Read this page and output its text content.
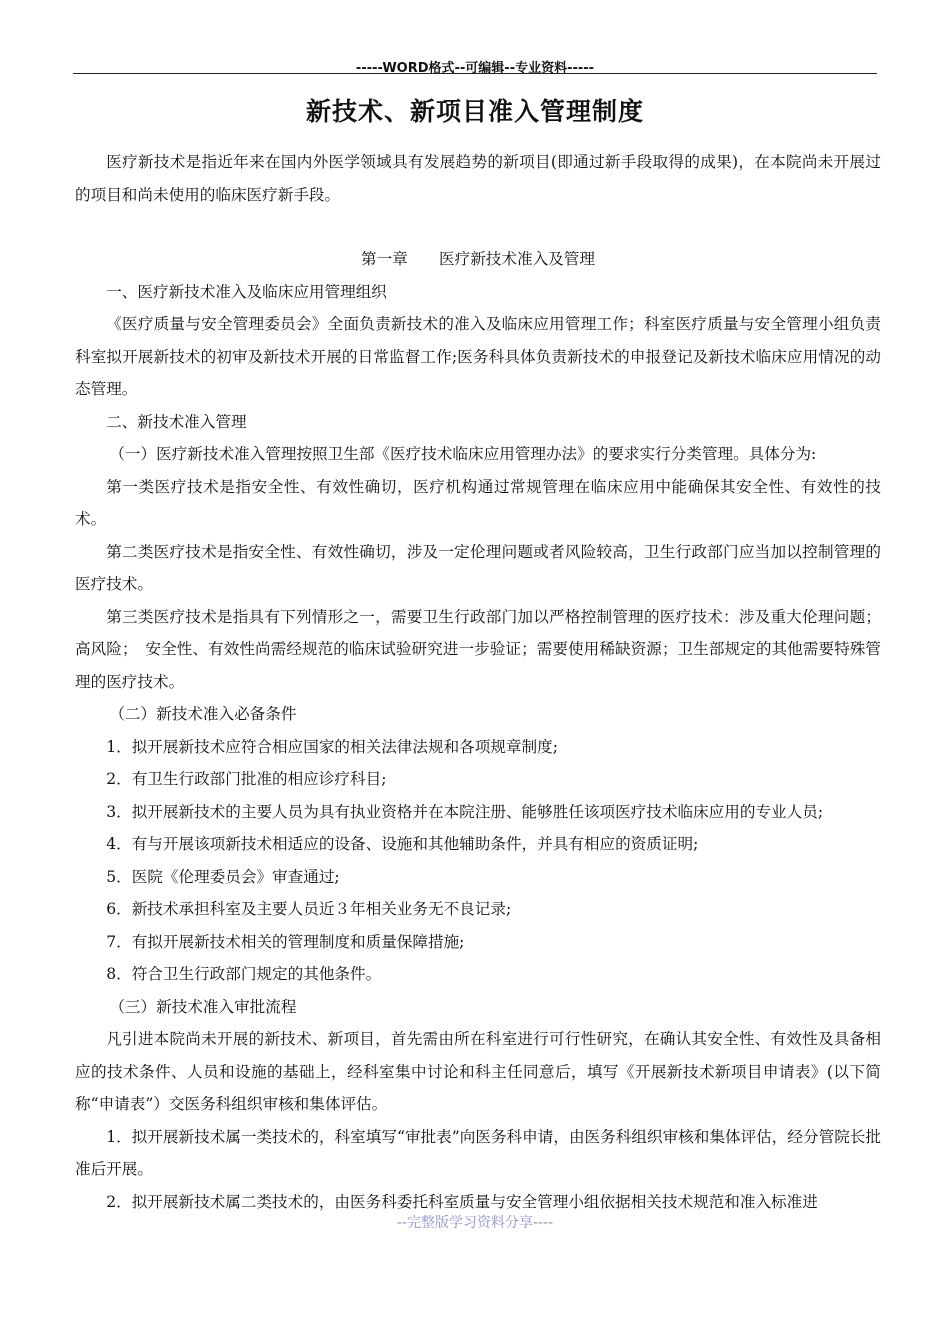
-----WORD格式--可编辑--专业资料-----
新技术、新项目准入管理制度

医疗新技术是指近年来在国内外医学领域具有发展趋势的新项目(即通过新手段取得的成果)，在本院尚未开展过的项目和尚未使用的临床医疗新手段。

第一章　　医疗新技术准入及管理

一、医疗新技术准入及临床应用管理组织

《医疗质量与安全管理委员会》全面负责新技术的准入及临床应用管理工作；科室医疗质量与安全管理小组负责科室拟开展新技术的初审及新技术开展的日常监督工作;医务科具体负责新技术的申报登记及新技术临床应用情况的动态管理。

二、新技术准入管理

（一）医疗新技术准入管理按照卫生部《医疗技术临床应用管理办法》的要求实行分类管理。具体分为:

第一类医疗技术是指安全性、有效性确切，医疗机构通过常规管理在临床应用中能确保其安全性、有效性的技术。

第二类医疗技术是指安全性、有效性确切，涉及一定伦理问题或者风险较高，卫生行政部门应当加以控制管理的医疗技术。

第三类医疗技术是指具有下列情形之一，需要卫生行政部门加以严格控制管理的医疗技术：涉及重大伦理问题；高风险；　安全性、有效性尚需经规范的临床试验研究进一步验证；需要使用稀缺资源；卫生部规定的其他需要特殊管理的医疗技术。

（二）新技术准入必备条件

1．拟开展新技术应符合相应国家的相关法律法规和各项规章制度;

2．有卫生行政部门批准的相应诊疗科目;

3．拟开展新技术的主要人员为具有执业资格并在本院注册、能够胜任该项医疗技术临床应用的专业人员;

4．有与开展该项新技术相适应的设备、设施和其他辅助条件，并具有相应的资质证明;

5．医院《伦理委员会》审查通过;

6．新技术承担科室及主要人员近３年相关业务无不良记录;

7．有拟开展新技术相关的管理制度和质量保障措施;

8．符合卫生行政部门规定的其他条件。

（三）新技术准入审批流程

凡引进本院尚未开展的新技术、新项目，首先需由所在科室进行可行性研究，在确认其安全性、有效性及具备相应的技术条件、人员和设施的基础上，经科室集中讨论和科主任同意后，填写《开展新技术新项目申请表》(以下简称“申请表”）交医务科组织审核和集体评估。

1．拟开展新技术属一类技术的，科室填写“审批表”向医务科申请，由医务科组织审核和集体评估，经分管院长批准后开展。

2．拟开展新技术属二类技术的，由医务科委托科室质量与安全管理小组依据相关技术规范和准入标准进

--完整版学习资料分享----
